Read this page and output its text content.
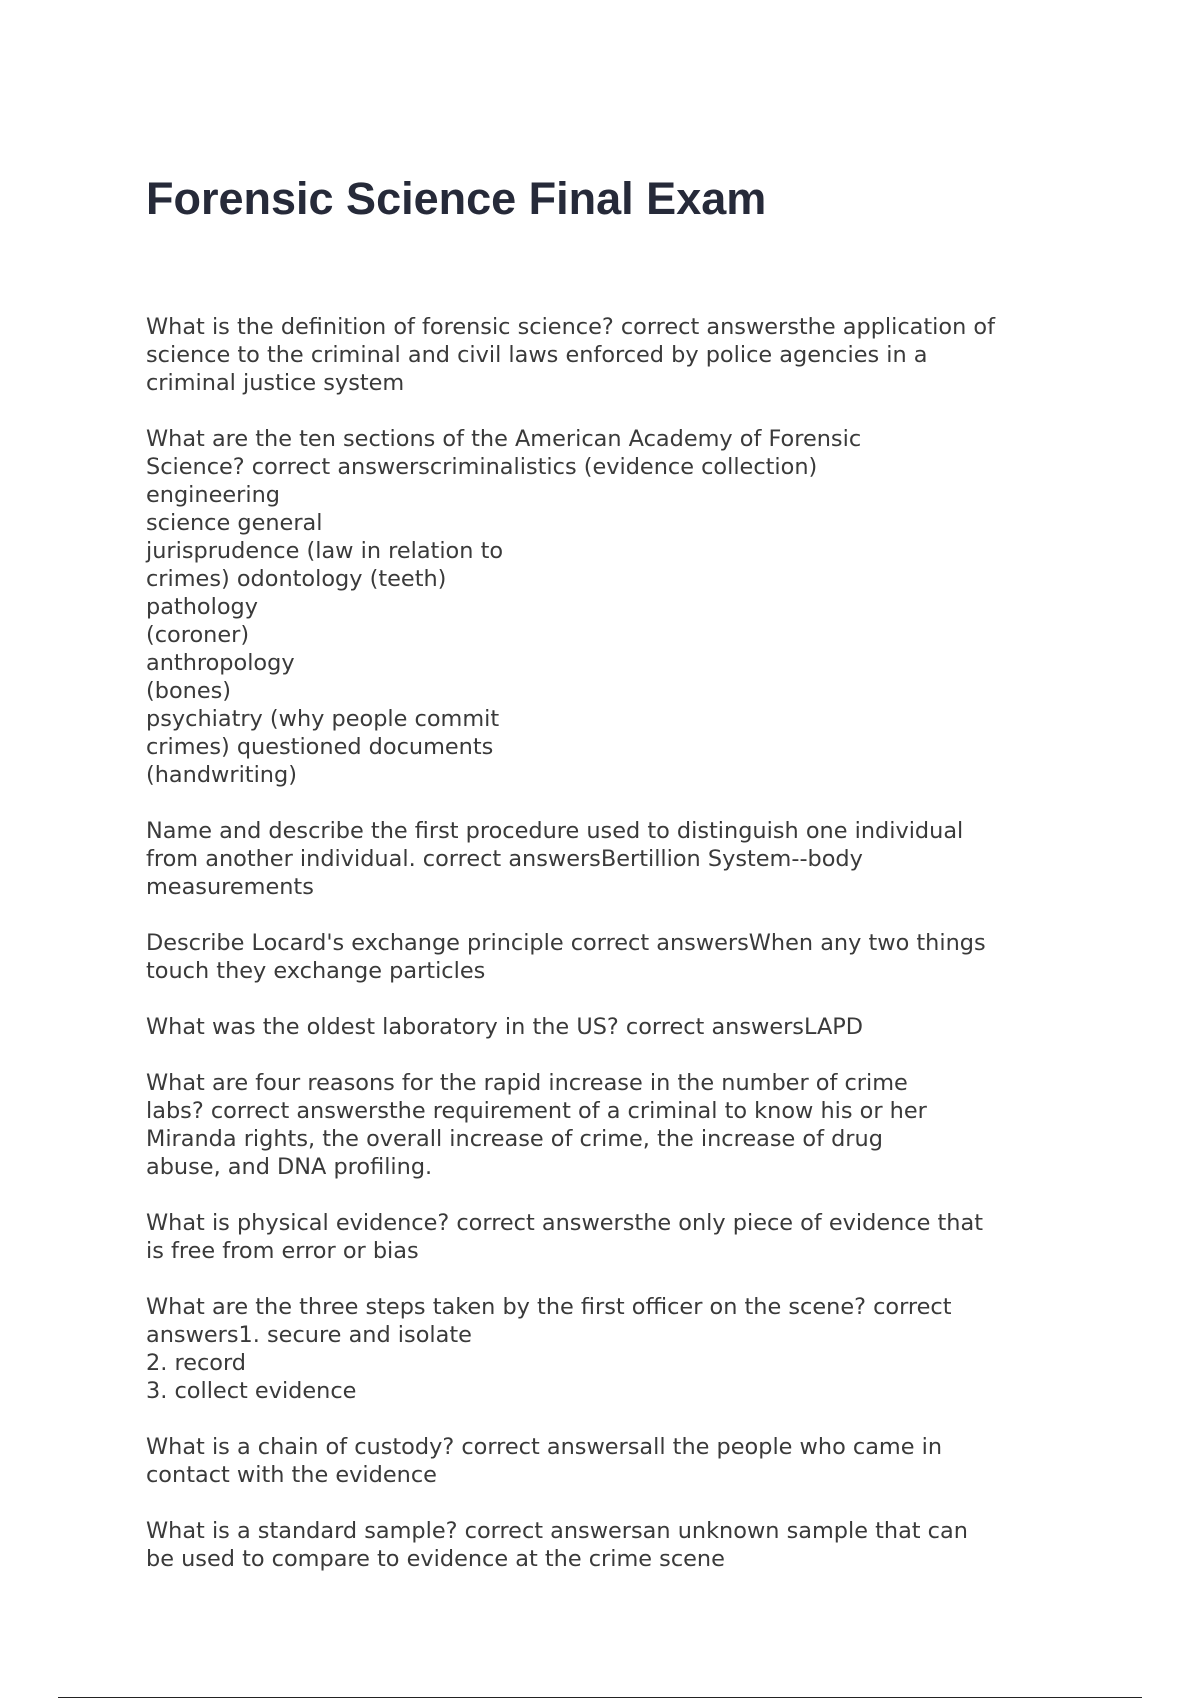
Forensic Science Final Exam

What is the definition of forensic science? correct answersthe application of
science to the criminal and civil laws enforced by police agencies in a
criminal justice system

What are the ten sections of the American Academy of Forensic
Science? correct answerscriminalistics (evidence collection)
engineering
science general
jurisprudence (law in relation to
crimes) odontology (teeth)
pathology
(coroner)
anthropology
(bones)
psychiatry (why people commit
crimes) questioned documents
(handwriting)

Name and describe the first procedure used to distinguish one individual
from another individual. correct answersBertillion System--body
measurements

Describe Locard's exchange principle correct answersWhen any two things
touch they exchange particles

What was the oldest laboratory in the US? correct answersLAPD

What are four reasons for the rapid increase in the number of crime
labs? correct answersthe requirement of a criminal to know his or her
Miranda rights, the overall increase of crime, the increase of drug
abuse, and DNA profiling.

What is physical evidence? correct answersthe only piece of evidence that
is free from error or bias

What are the three steps taken by the first officer on the scene? correct
answers1. secure and isolate
2. record
3. collect evidence

What is a chain of custody? correct answersall the people who came in
contact with the evidence

What is a standard sample? correct answersan unknown sample that can
be used to compare to evidence at the crime scene
